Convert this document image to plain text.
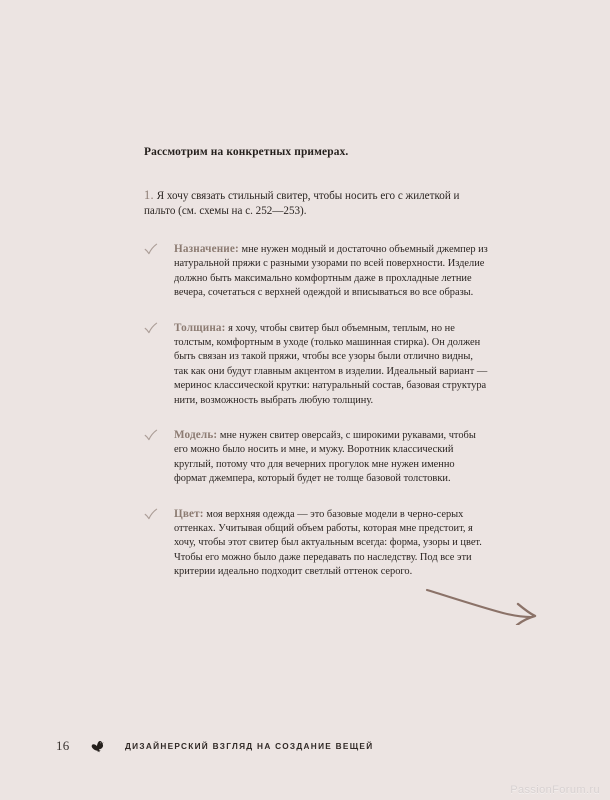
Рассмотрим на конкретных примерах.

1. Я хочу связать стильный свитер, чтобы носить его с жилеткой и пальто (см. схемы на с. 252—253).

Назначение: мне нужен модный и достаточно объемный джемпер из натуральной пряжи с разными узорами по всей поверхности. Изделие должно быть максимально комфортным даже в прохладные летние вечера, сочетаться с верхней одеждой и вписываться во все образы.
Толщина: я хочу, чтобы свитер был объемным, теплым, но не толстым, комфортным в уходе (только машинная стирка). Он должен быть связан из такой пряжи, чтобы все узоры были отлично видны, так как они будут главным акцентом в изделии. Идеальный вариант — меринос классической крутки: натуральный состав, базовая структура нити, возможность выбрать любую толщину.
Модель: мне нужен свитер оверсайз, с широкими рукавами, чтобы его можно было носить и мне, и мужу. Воротник классический круглый, потому что для вечерних прогулок мне нужен именно формат джемпера, который будет не толще базовой толстовки.
Цвет: моя верхняя одежда — это базовые модели в черно-серых оттенках. Учитывая общий объем работы, которая мне предстоит, я хочу, чтобы этот свитер был актуальным всегда: форма, узоры и цвет. Чтобы его можно было даже передавать по наследству. Под все эти критерии идеально подходит светлый оттенок серого.
16	ДИЗАЙНЕРСКИЙ ВЗГЛЯД НА СОЗДАНИЕ ВЕЩЕЙ
PassionForum.ru
